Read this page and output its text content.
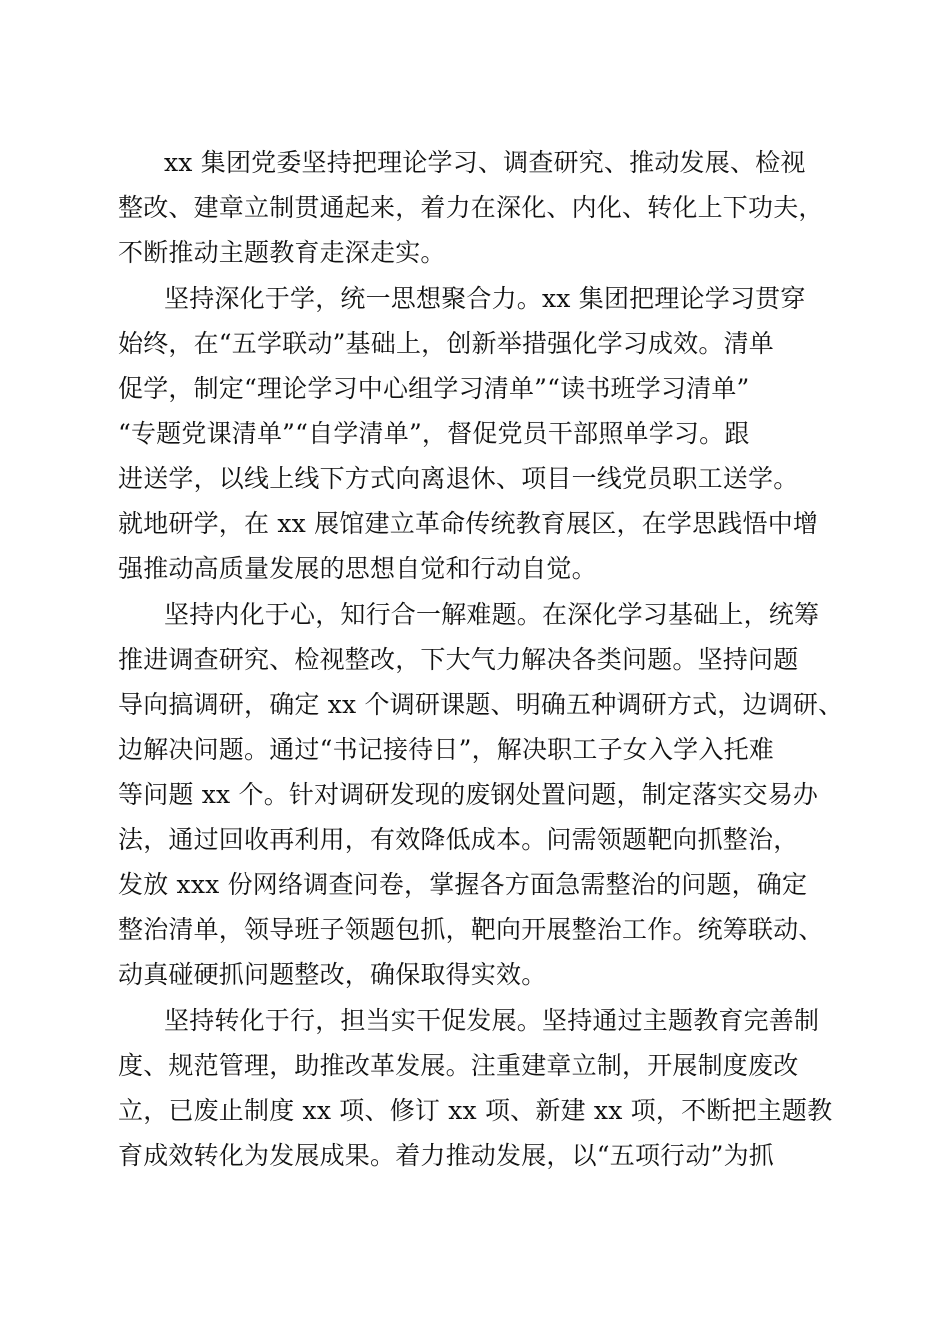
xx 集团党委坚持把理论学习、调查研究、推动发展、检视
整改、建章立制贯通起来，着力在深化、内化、转化上下功夫，
不断推动主题教育走深走实。
坚持深化于学，统一思想聚合力。xx 集团把理论学习贯穿
始终，在“五学联动”基础上，创新举措强化学习成效。清单
促学，制定“理论学习中心组学习清单”“读书班学习清单”
“专题党课清单”“自学清单”，督促党员干部照单学习。跟
进送学，以线上线下方式向离退休、项目一线党员职工送学。
就地研学，在 xx 展馆建立革命传统教育展区，在学思践悟中增
强推动高质量发展的思想自觉和行动自觉。
坚持内化于心，知行合一解难题。在深化学习基础上，统筹
推进调查研究、检视整改，下大气力解决各类问题。坚持问题
导向搞调研，确定 xx 个调研课题、明确五种调研方式，边调研、
边解决问题。通过“书记接待日”，解决职工子女入学入托难
等问题 xx 个。针对调研发现的废钢处置问题，制定落实交易办
法，通过回收再利用，有效降低成本。问需领题靶向抓整治，
发放 xxx 份网络调查问卷，掌握各方面急需整治的问题，确定
整治清单，领导班子领题包抓，靶向开展整治工作。统筹联动、
动真碰硬抓问题整改，确保取得实效。
坚持转化于行，担当实干促发展。坚持通过主题教育完善制
度、规范管理，助推改革发展。注重建章立制，开展制度废改
立，已废止制度 xx 项、修订 xx 项、新建 xx 项，不断把主题教
育成效转化为发展成果。着力推动发展，以“五项行动”为抓
